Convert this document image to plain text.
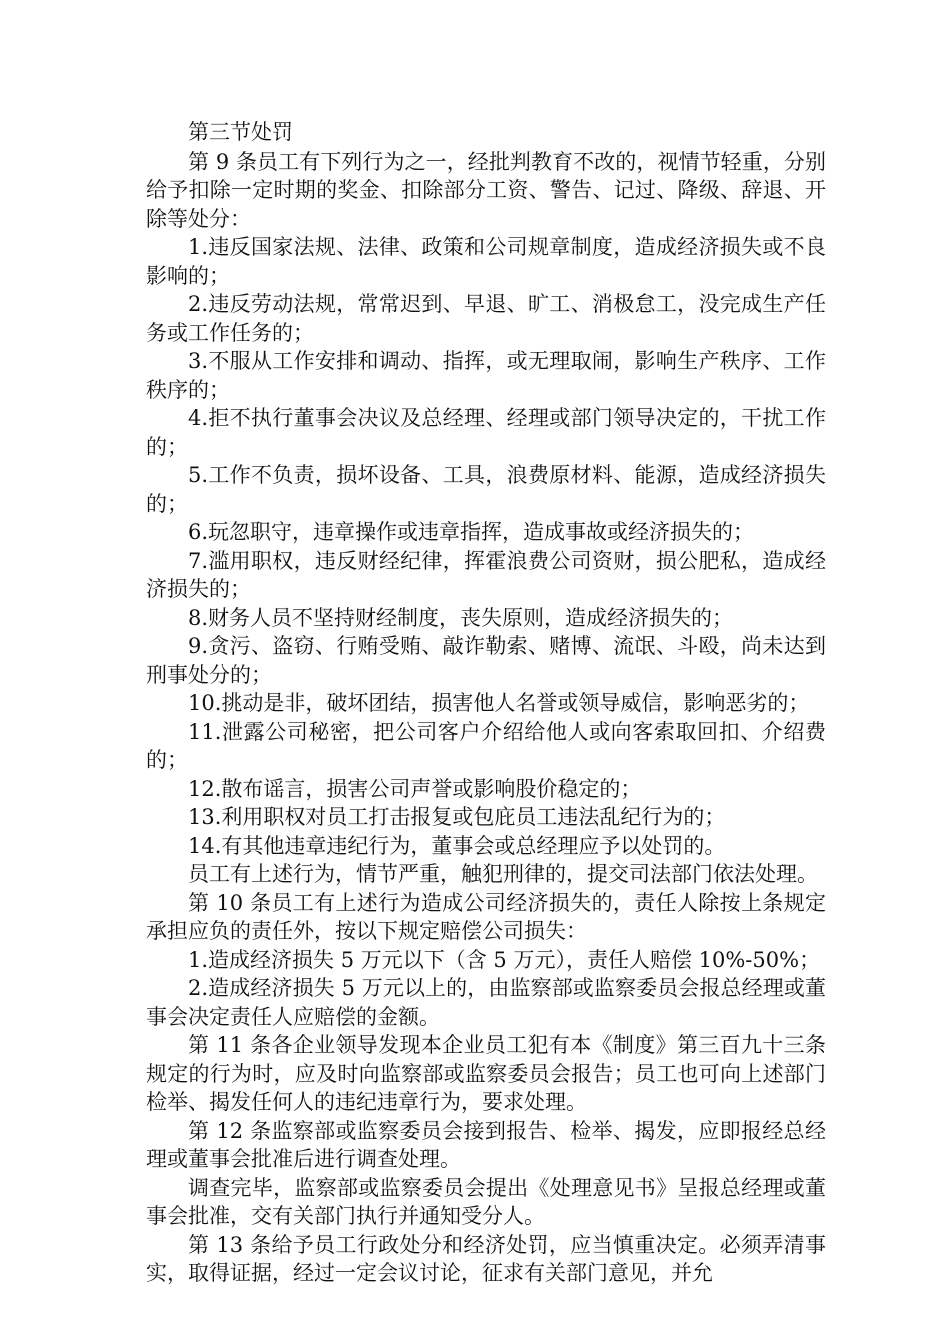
第三节处罚

第 9 条员工有下列行为之一，经批判教育不改的，视情节轻重，分别给予扣除一定时期的奖金、扣除部分工资、警告、记过、降级、辞退、开除等处分：

1.违反国家法规、法律、政策和公司规章制度，造成经济损失或不良影响的；

2.违反劳动法规，常常迟到、早退、旷工、消极怠工，没完成生产任务或工作任务的；

3.不服从工作安排和调动、指挥，或无理取闹，影响生产秩序、工作秩序的；

4.拒不执行董事会决议及总经理、经理或部门领导决定的，干扰工作的；

5.工作不负责，损坏设备、工具，浪费原材料、能源，造成经济损失的；

6.玩忽职守，违章操作或违章指挥，造成事故或经济损失的；

7.滥用职权，违反财经纪律，挥霍浪费公司资财，损公肥私，造成经济损失的；

8.财务人员不坚持财经制度，丧失原则，造成经济损失的；

9.贪污、盗窃、行贿受贿、敲诈勒索、赌博、流氓、斗殴，尚未达到刑事处分的；

10.挑动是非，破坏团结，损害他人名誉或领导威信，影响恶劣的；

11.泄露公司秘密，把公司客户介绍给他人或向客索取回扣、介绍费的；

12.散布谣言，损害公司声誉或影响股价稳定的；

13.利用职权对员工打击报复或包庇员工违法乱纪行为的；

14.有其他违章违纪行为，董事会或总经理应予以处罚的。

员工有上述行为，情节严重，触犯刑律的，提交司法部门依法处理。

第 10 条员工有上述行为造成公司经济损失的，责任人除按上条规定承担应负的责任外，按以下规定赔偿公司损失：

1.造成经济损失 5 万元以下（含 5 万元），责任人赔偿 10%-50%；

2.造成经济损失 5 万元以上的，由监察部或监察委员会报总经理或董事会决定责任人应赔偿的金额。

第 11 条各企业领导发现本企业员工犯有本《制度》第三百九十三条规定的行为时，应及时向监察部或监察委员会报告；员工也可向上述部门检举、揭发任何人的违纪违章行为，要求处理。

第 12 条监察部或监察委员会接到报告、检举、揭发，应即报经总经理或董事会批准后进行调查处理。

调查完毕，监察部或监察委员会提出《处理意见书》呈报总经理或董事会批准，交有关部门执行并通知受分人。

第 13 条给予员工行政处分和经济处罚，应当慎重决定。必须弄清事实，取得证据，经过一定会议讨论，征求有关部门意见，并允
